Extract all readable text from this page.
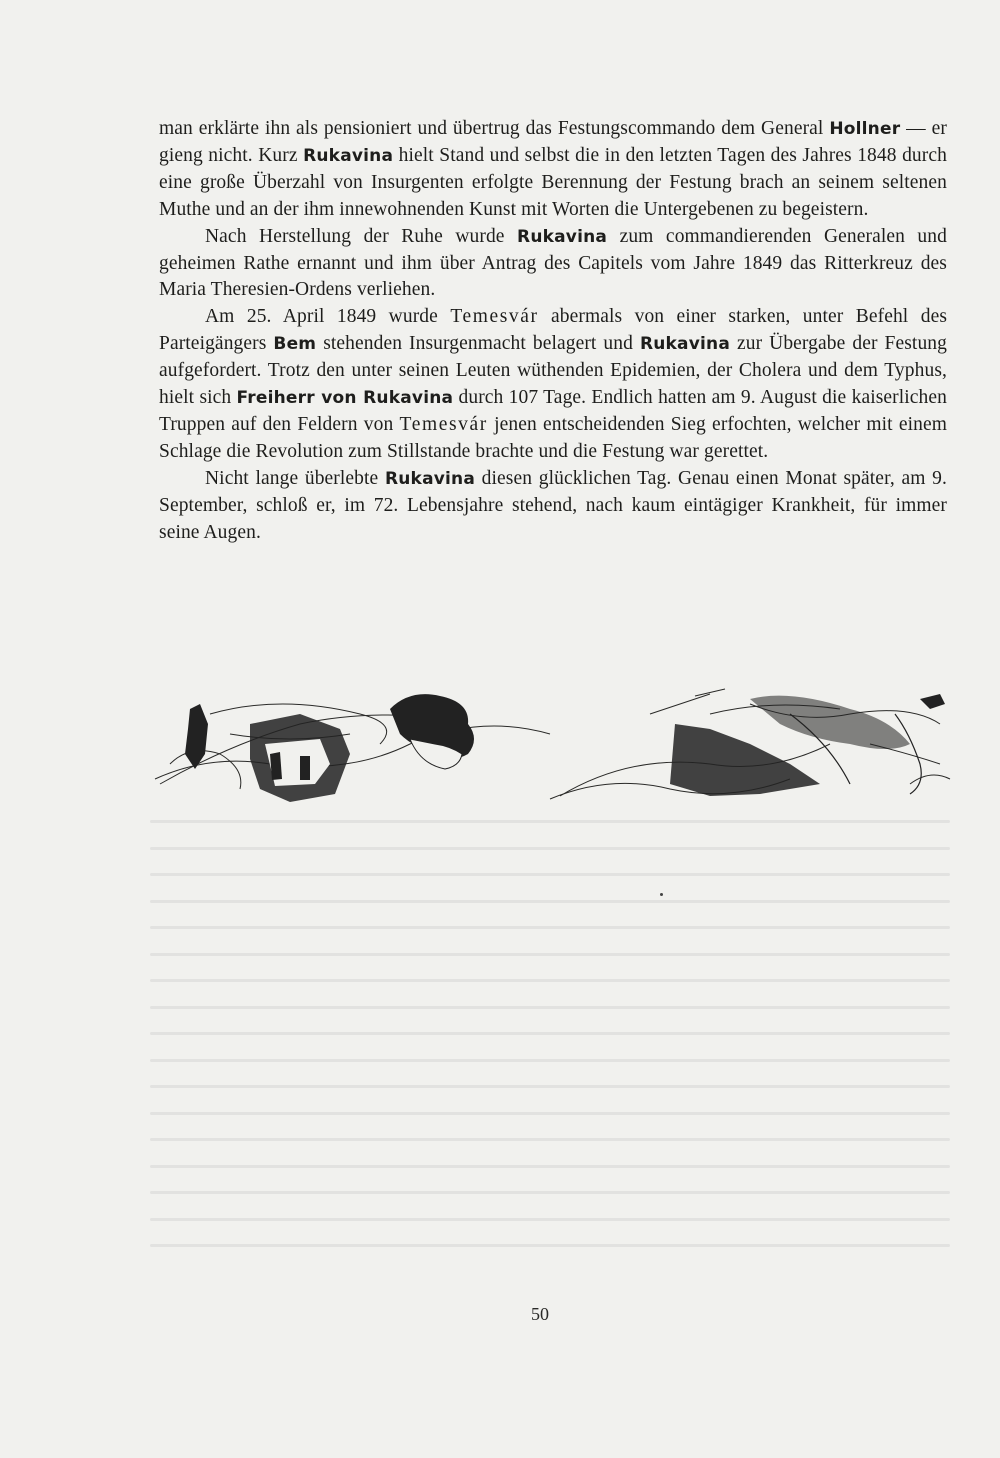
man erklärte ihn als pensioniert und übertrug das Festungscommando dem General Hollner — er gieng nicht. Kurz Rukavina hielt Stand und selbst die in den letzten Tagen des Jahres 1848 durch eine große Überzahl von Insurgenten erfolgte Berennung der Festung brach an seinem seltenen Muthe und an der ihm innewohnenden Kunst mit Worten die Untergebenen zu begeistern.

Nach Herstellung der Ruhe wurde Rukavina zum commandierenden Generalen und geheimen Rathe ernannt und ihm über Antrag des Capitels vom Jahre 1849 das Ritterkreuz des Maria Theresien-Ordens verliehen.

Am 25. April 1849 wurde Temesvár abermals von einer starken, unter Befehl des Parteigängers Bem stehenden Insurgenmacht belagert und Rukavina zur Übergabe der Festung aufgefordert. Trotz den unter seinen Leuten wüthenden Epidemien, der Cholera und dem Typhus, hielt sich Freiherr von Rukavina durch 107 Tage. Endlich hatten am 9. August die kaiserlichen Truppen auf den Feldern von Temesvár jenen entscheidenden Sieg erfochten, welcher mit einem Schlage die Revolution zum Stillstande brachte und die Festung war gerettet.

Nicht lange überlebte Rukavina diesen glücklichen Tag. Genau einen Monat später, am 9. September, schloß er, im 72. Lebensjahre stehend, nach kaum eintägiger Krankheit, für immer seine Augen.

50
